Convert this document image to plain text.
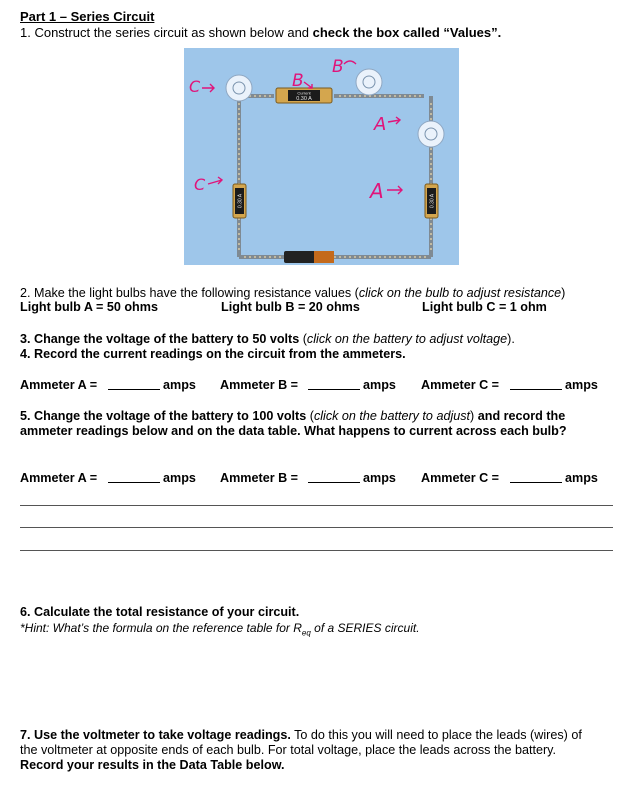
Part 1 – Series Circuit
1. Construct the series circuit as shown below and check the box called “Values”.
Current
0.30 A
0.30 A	0.30 A
C	B
B
A
C	A
2. Make the light bulbs have the following resistance values (click on the bulb to adjust resistance)
Light bulb A = 50 ohms	Light bulb B = 20 ohms	Light bulb C = 1 ohm
3. Change the voltage of the battery to 50 volts (click on the battery to adjust voltage).
4. Record the current readings on the circuit from the ammeters.
Ammeter A =	amps Ammeter B =	amps Ammeter C =	amps
5. Change the voltage of the battery to 100 volts (click on the battery to adjust) and record the
ammeter readings below and on the data table. What happens to current across each bulb?
Ammeter A =	amps Ammeter B =	amps Ammeter C =	amps
6. Calculate the total resistance of your circuit.
*Hint: What’s the formula on the reference table for $R_{eq}$ of a SERIES circuit.
7. Use the voltmeter to take voltage readings. To do this you will need to place the leads (wires) of
the voltmeter at opposite ends of each bulb. For total voltage, place the leads across the battery.
Record your results in the Data Table below.
